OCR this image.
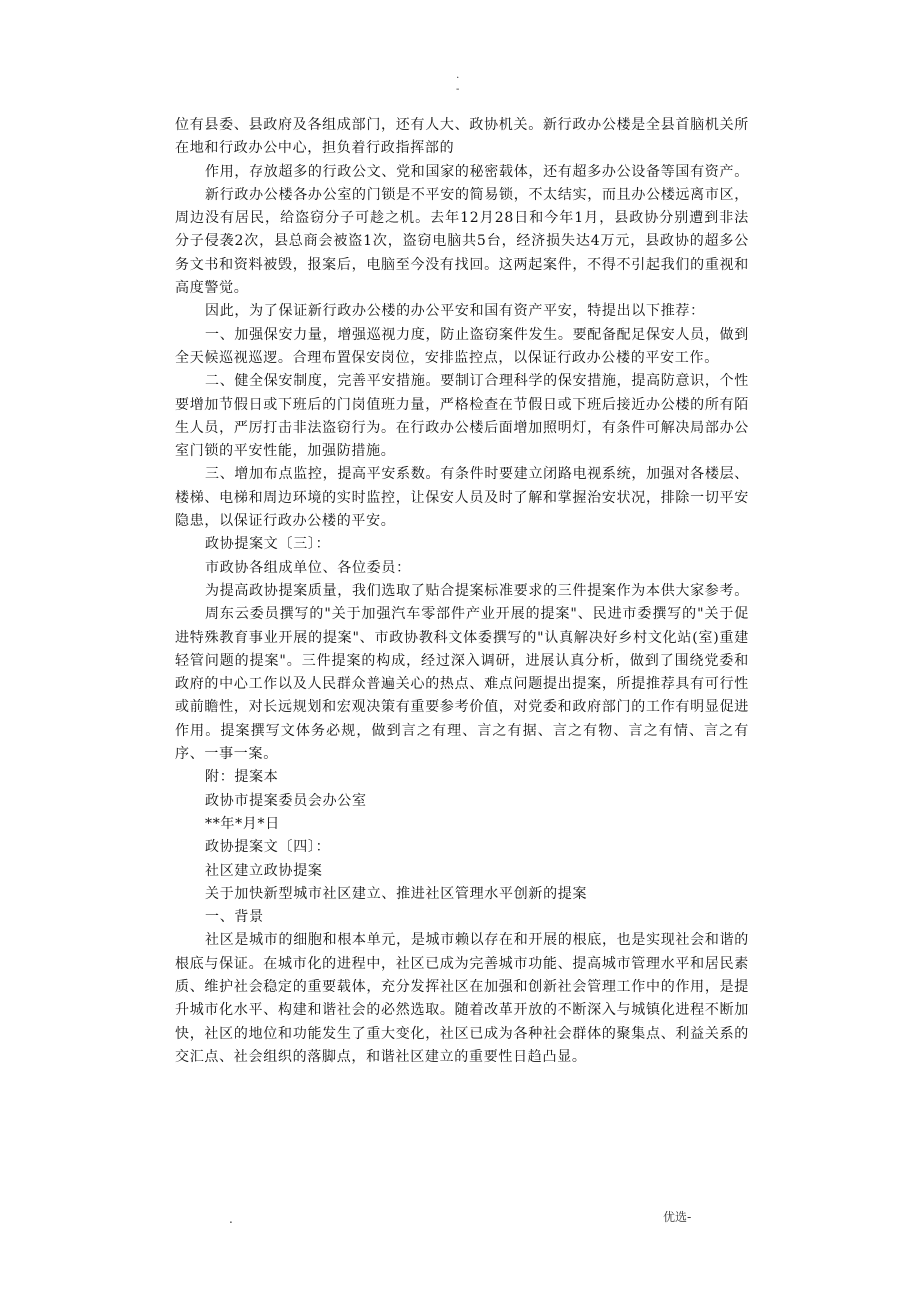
.
-

位有县委、县政府及各组成部门，还有人大、政协机关。新行政办公楼是全县首脑机关所在地和行政办公中心，担负着行政指挥部的

作用，存放超多的行政公文、党和国家的秘密载体，还有超多办公设备等国有资产。

新行政办公楼各办公室的门锁是不平安的简易锁，不太结实，而且办公楼远离市区，周边没有居民，给盗窃分子可趁之机。去年12月28日和今年1月，县政协分别遭到非法分子侵袭2次，县总商会被盗1次，盗窃电脑共5台，经济损失达4万元，县政协的超多公务文书和资料被毁，报案后，电脑至今没有找回。这两起案件，不得不引起我们的重视和高度警觉。

因此，为了保证新行政办公楼的办公平安和国有资产平安，特提出以下推荐：

一、加强保安力量，增强巡视力度，防止盗窃案件发生。要配备配足保安人员，做到全天候巡视巡逻。合理布置保安岗位，安排监控点，以保证行政办公楼的平安工作。

二、健全保安制度，完善平安措施。要制订合理科学的保安措施，提高防意识，个性要增加节假日或下班后的门岗值班力量，严格检查在节假日或下班后接近办公楼的所有陌生人员，严厉打击非法盗窃行为。在行政办公楼后面增加照明灯，有条件可解决局部办公室门锁的平安性能，加强防措施。

三、增加布点监控，提高平安系数。有条件时要建立闭路电视系统，加强对各楼层、楼梯、电梯和周边环境的实时监控，让保安人员及时了解和掌握治安状况，排除一切平安隐患，以保证行政办公楼的平安。

政协提案文〔三〕：

市政协各组成单位、各位委员：

为提高政协提案质量，我们选取了贴合提案标准要求的三件提案作为本供大家参考。

周东云委员撰写的"关于加强汽车零部件产业开展的提案"、民进市委撰写的"关于促进特殊教育事业开展的提案"、市政协教科文体委撰写的"认真解决好乡村文化站(室)重建轻管问题的提案"。三件提案的构成，经过深入调研，进展认真分析，做到了围绕党委和政府的中心工作以及人民群众普遍关心的热点、难点问题提出提案，所提推荐具有可行性或前瞻性，对长远规划和宏观决策有重要参考价值，对党委和政府部门的工作有明显促进作用。提案撰写文体务必规，做到言之有理、言之有据、言之有物、言之有情、言之有序、一事一案。

附：提案本

政协市提案委员会办公室

**年*月*日

政协提案文〔四〕：

社区建立政协提案

关于加快新型城市社区建立、推进社区管理水平创新的提案

一、背景

社区是城市的细胞和根本单元，是城市赖以存在和开展的根底，也是实现社会和谐的根底与保证。在城市化的进程中，社区已成为完善城市功能、提高城市管理水平和居民素质、维护社会稳定的重要载体，充分发挥社区在加强和创新社会管理工作中的作用，是提升城市化水平、构建和谐社会的必然选取。随着改革开放的不断深入与城镇化进程不断加快，社区的地位和功能发生了重大变化，社区已成为各种社会群体的聚集点、利益关系的交汇点、社会组织的落脚点，和谐社区建立的重要性日趋凸显。

.	优选-
